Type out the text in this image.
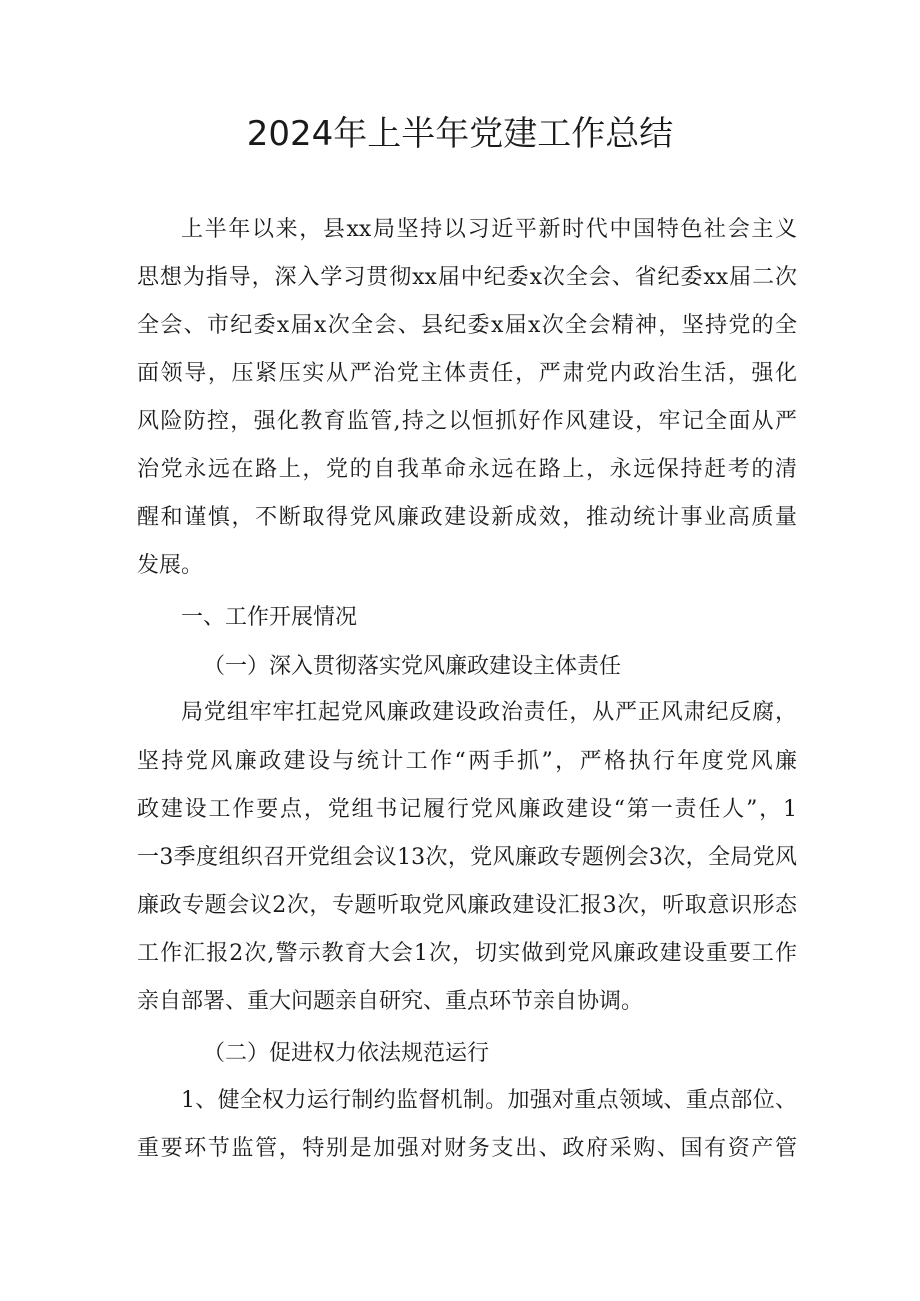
2024年上半年党建工作总结
上半年以来，县xx局坚持以习近平新时代中国特色社会主义
思想为指导，深入学习贯彻xx届中纪委x次全会、省纪委xx届二次
全会、市纪委x届x次全会、县纪委x届x次全会精神，坚持党的全
面领导，压紧压实从严治党主体责任，严肃党内政治生活，强化
风险防控，强化教育监管,持之以恒抓好作风建设，牢记全面从严
治党永远在路上，党的自我革命永远在路上，永远保持赶考的清
醒和谨慎，不断取得党风廉政建设新成效，推动统计事业高质量
发展。
一、工作开展情况
（一）深入贯彻落实党风廉政建设主体责任
局党组牢牢扛起党风廉政建设政治责任，从严正风肃纪反腐，
坚持党风廉政建设与统计工作“两手抓”，严格执行年度党风廉
政建设工作要点，党组书记履行党风廉政建设“第一责任人”，1
一3季度组织召开党组会议13次，党风廉政专题例会3次，全局党风
廉政专题会议2次，专题听取党风廉政建设汇报3次，听取意识形态
工作汇报2次,警示教育大会1次，切实做到党风廉政建设重要工作
亲自部署、重大问题亲自研究、重点环节亲自协调。
（二）促进权力依法规范运行
1、健全权力运行制约监督机制。加强对重点领域、重点部位、
重要环节监管，特别是加强对财务支出、政府采购、国有资产管
